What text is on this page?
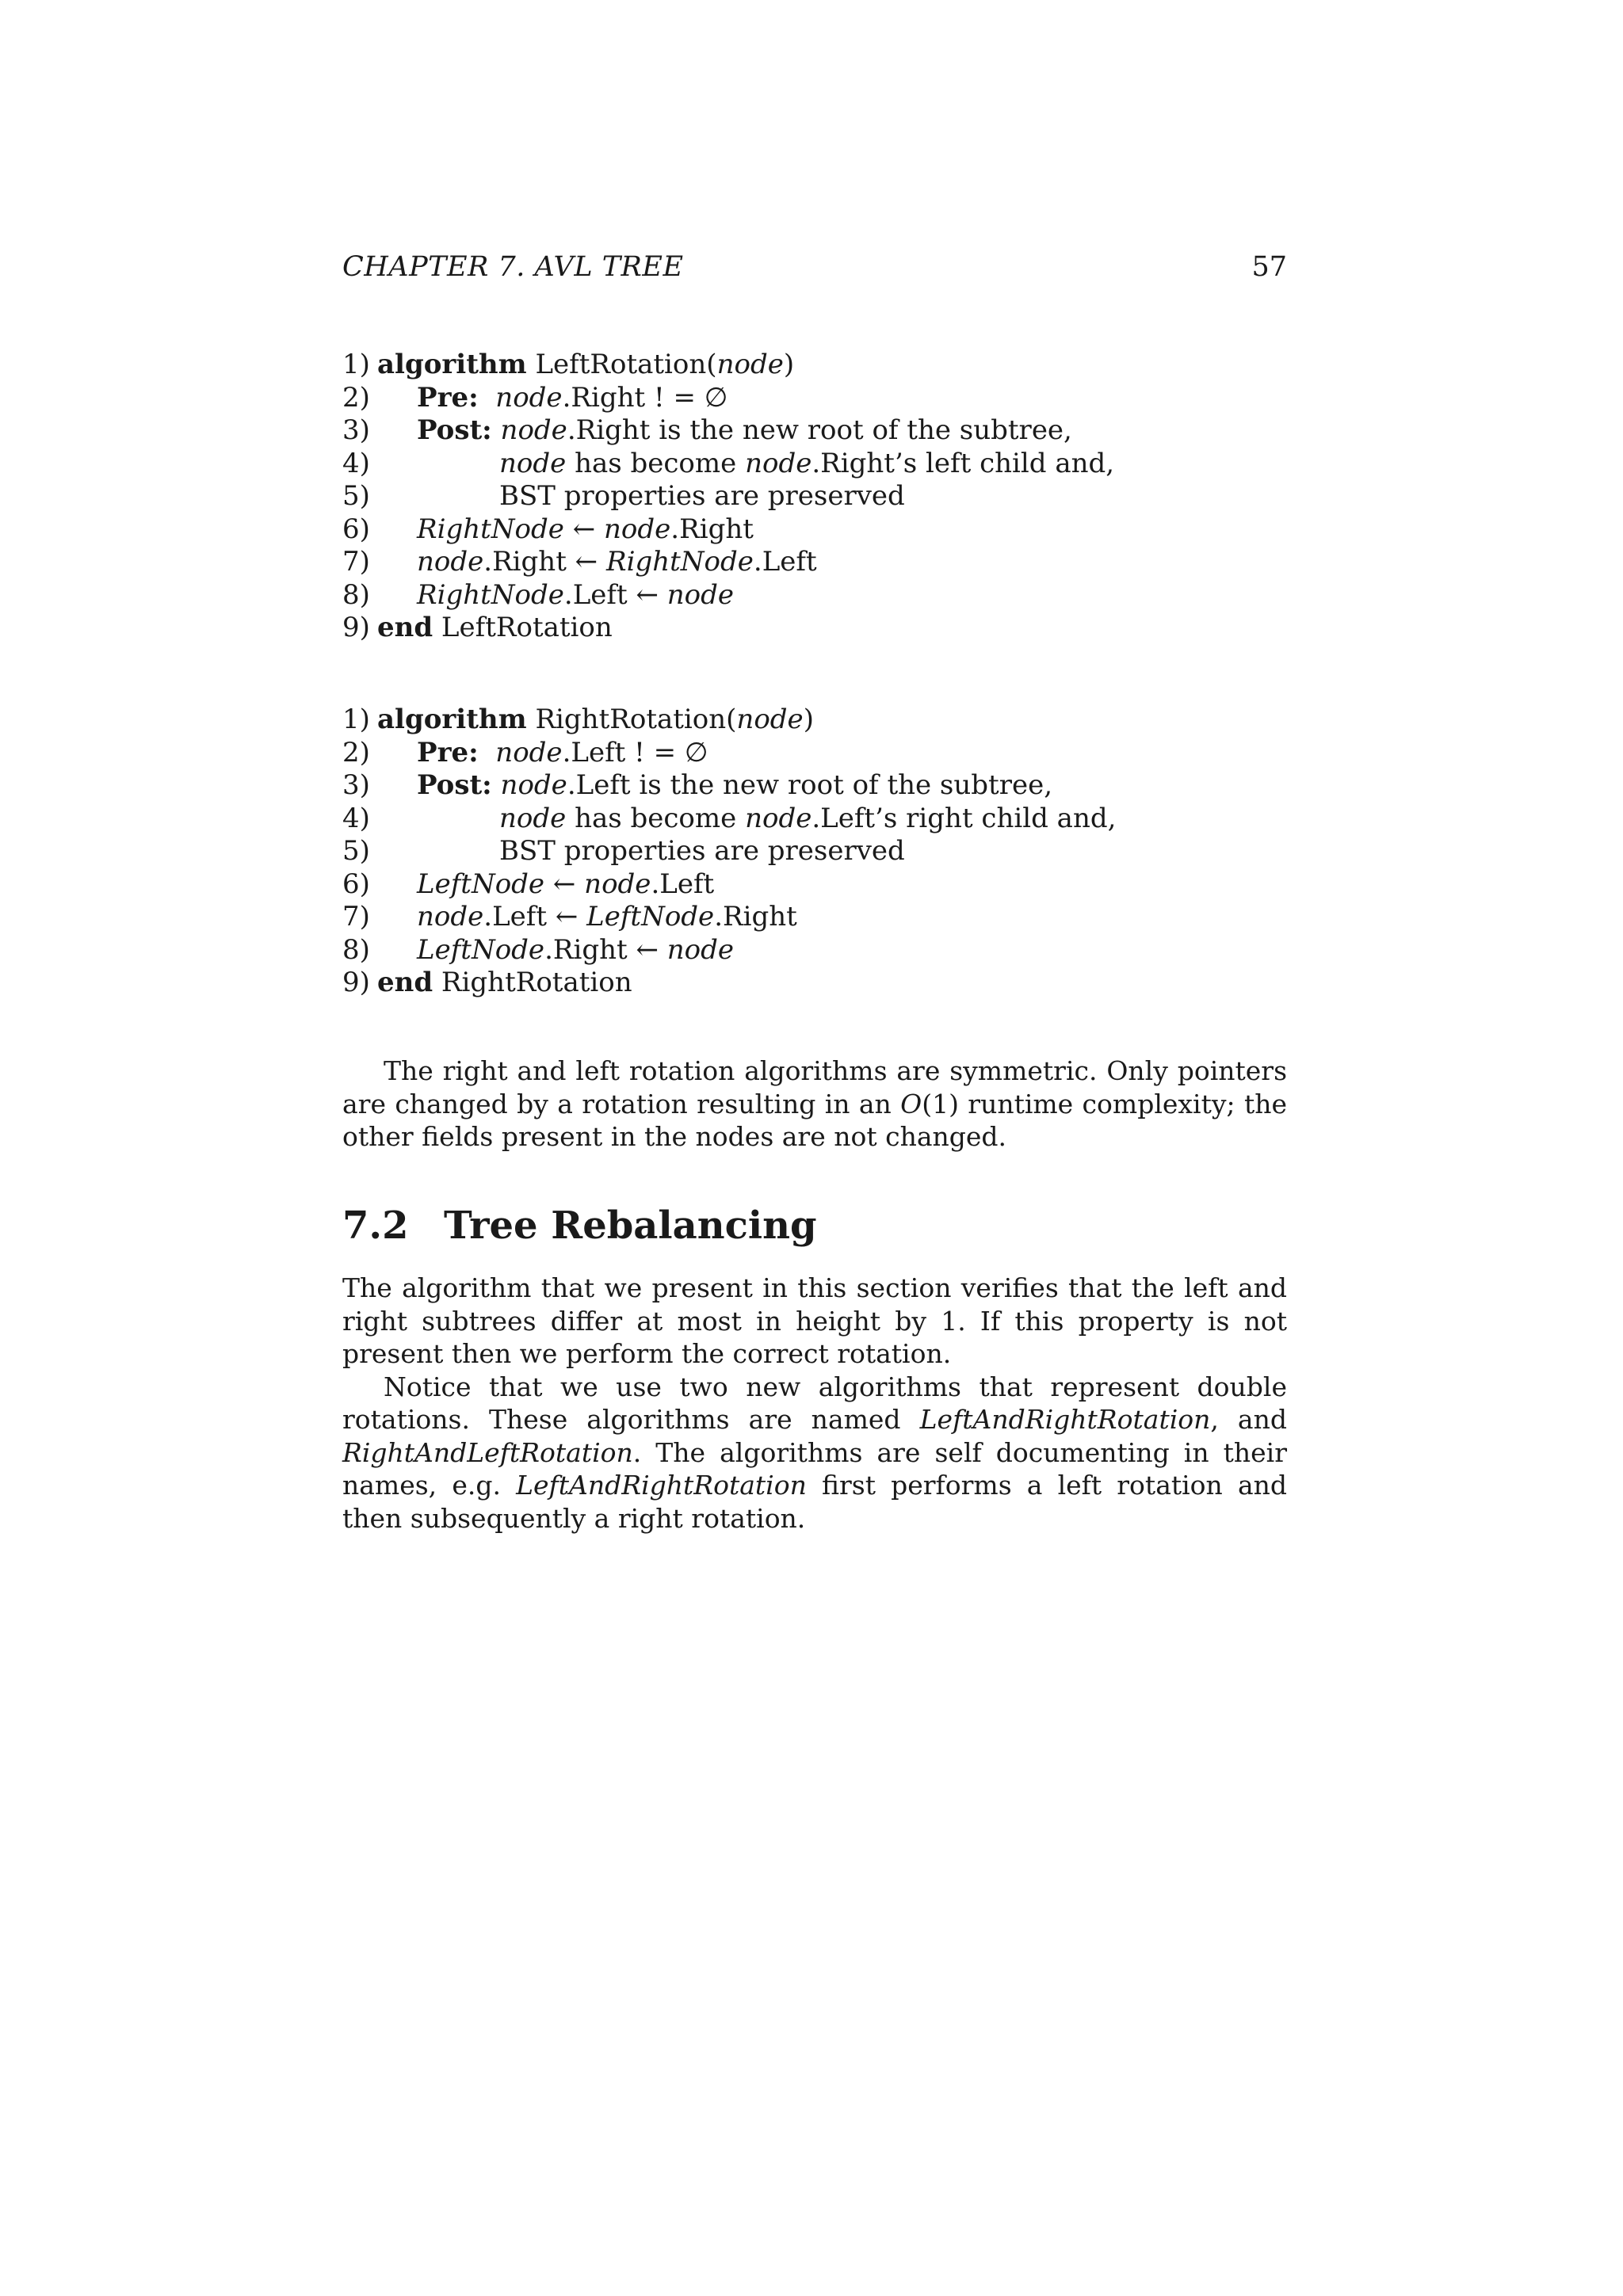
CHAPTER 7. AVL TREE	57
1) algorithm LeftRotation(node)
2) Pre: node.Right ! = ∅
3) Post: node.Right is the new root of the subtree,
4)	node has become node.Right’s left child and,
5)	BST properties are preserved
6) RightNode ← node.Right
7) node.Right ← RightNode.Left
8) RightNode.Left ← node
9) end LeftRotation
1) algorithm RightRotation(node)
2) Pre: node.Left ! = ∅
3) Post: node.Left is the new root of the subtree,
4)	node has become node.Left’s right child and,
5)	BST properties are preserved
6) LeftNode ← node.Left
7) node.Left ← LeftNode.Right
8) LeftNode.Right ← node
9) end RightRotation

The right and left rotation algorithms are symmetric. Only pointers are changed by a rotation resulting in an O(1) runtime complexity; the other fields present in the nodes are not changed.

7.2 Tree Rebalancing

The algorithm that we present in this section verifies that the left and right subtrees differ at most in height by 1. If this property is not present then we perform the correct rotation.

Notice that we use two new algorithms that represent double rotations. These algorithms are named LeftAndRightRotation, and RightAndLeftRotation. The algorithms are self documenting in their names, e.g. LeftAndRightRotation first performs a left rotation and then subsequently a right rotation.
